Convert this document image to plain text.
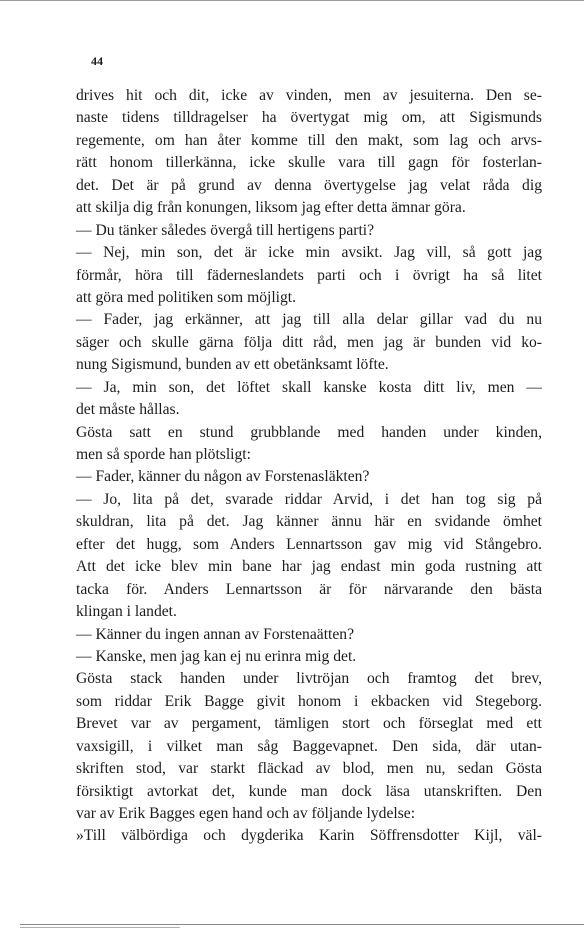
44
drives hit och dit, icke av vinden, men av jesuiterna. Den se-
naste tidens tilldragelser ha övertygat mig om, att Sigismunds
regemente, om han åter komme till den makt, som lag och arvs-
rätt honom tillerkänna, icke skulle vara till gagn för fosterlan-
det. Det är på grund av denna övertygelse jag velat råda dig
att skilja dig från konungen, liksom jag efter detta ämnar göra.
— Du tänker således övergå till hertigens parti?
— Nej, min son, det är icke min avsikt. Jag vill, så gott jag
förmår, höra till fäderneslandets parti och i övrigt ha så litet
att göra med politiken som möjligt.
— Fader, jag erkänner, att jag till alla delar gillar vad du nu
säger och skulle gärna följa ditt råd, men jag är bunden vid ko-
nung Sigismund, bunden av ett obetänksamt löfte.
— Ja, min son, det löftet skall kanske kosta ditt liv, men —
det måste hållas.
Gösta satt en stund grubblande med handen under kinden,
men så sporde han plötsligt:
— Fader, känner du någon av Forstenasläkten?
— Jo, lita på det, svarade riddar Arvid, i det han tog sig på
skuldran, lita på det. Jag känner ännu här en svidande ömhet
efter det hugg, som Anders Lennartsson gav mig vid Stångebro.
Att det icke blev min bane har jag endast min goda rustning att
tacka för. Anders Lennartsson är för närvarande den bästa
klingan i landet.
— Känner du ingen annan av Forstenaätten?
— Kanske, men jag kan ej nu erinra mig det.
Gösta stack handen under livtröjan och framtog det brev,
som riddar Erik Bagge givit honom i ekbacken vid Stegeborg.
Brevet var av pergament, tämligen stort och förseglat med ett
vaxsigill, i vilket man såg Baggevapnet. Den sida, där utan-
skriften stod, var starkt fläckad av blod, men nu, sedan Gösta
försiktigt avtorkat det, kunde man dock läsa utanskriften. Den
var av Erik Bagges egen hand och av följande lydelse:
»Till välbördiga och dygderika Karin Söffrensdotter Kijl, väl-
